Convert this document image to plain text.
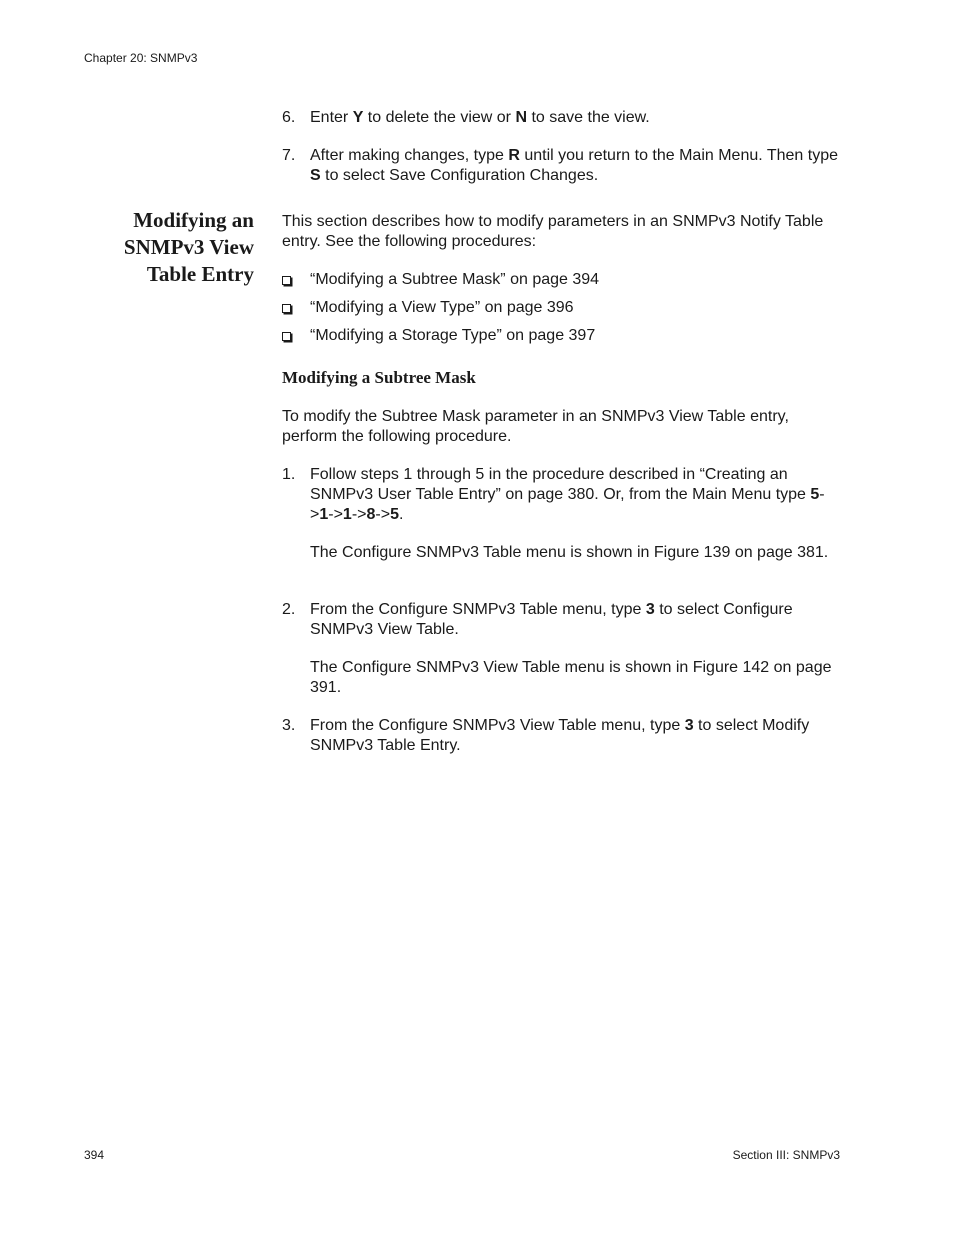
Chapter 20: SNMPv3
6. Enter Y to delete the view or N to save the view.
7. After making changes, type R until you return to the Main Menu. Then type S to select Save Configuration Changes.
Modifying an
SNMPv3 View
Table Entry
This section describes how to modify parameters in an SNMPv3 Notify Table entry. See the following procedures:
“Modifying a Subtree Mask” on page 394
“Modifying a View Type” on page 396
“Modifying a Storage Type” on page 397
Modifying a Subtree Mask
To modify the Subtree Mask parameter in an SNMPv3 View Table entry, perform the following procedure.
1. Follow steps 1 through 5 in the procedure described in “Creating an SNMPv3 User Table Entry” on page 380. Or, from the Main Menu type 5->1->1->8->5.
The Configure SNMPv3 Table menu is shown in Figure 139 on page 381.
2. From the Configure SNMPv3 Table menu, type 3 to select Configure SNMPv3 View Table.
The Configure SNMPv3 View Table menu is shown in Figure 142 on page 391.
3. From the Configure SNMPv3 View Table menu, type 3 to select Modify SNMPv3 Table Entry.
394	Section III: SNMPv3
